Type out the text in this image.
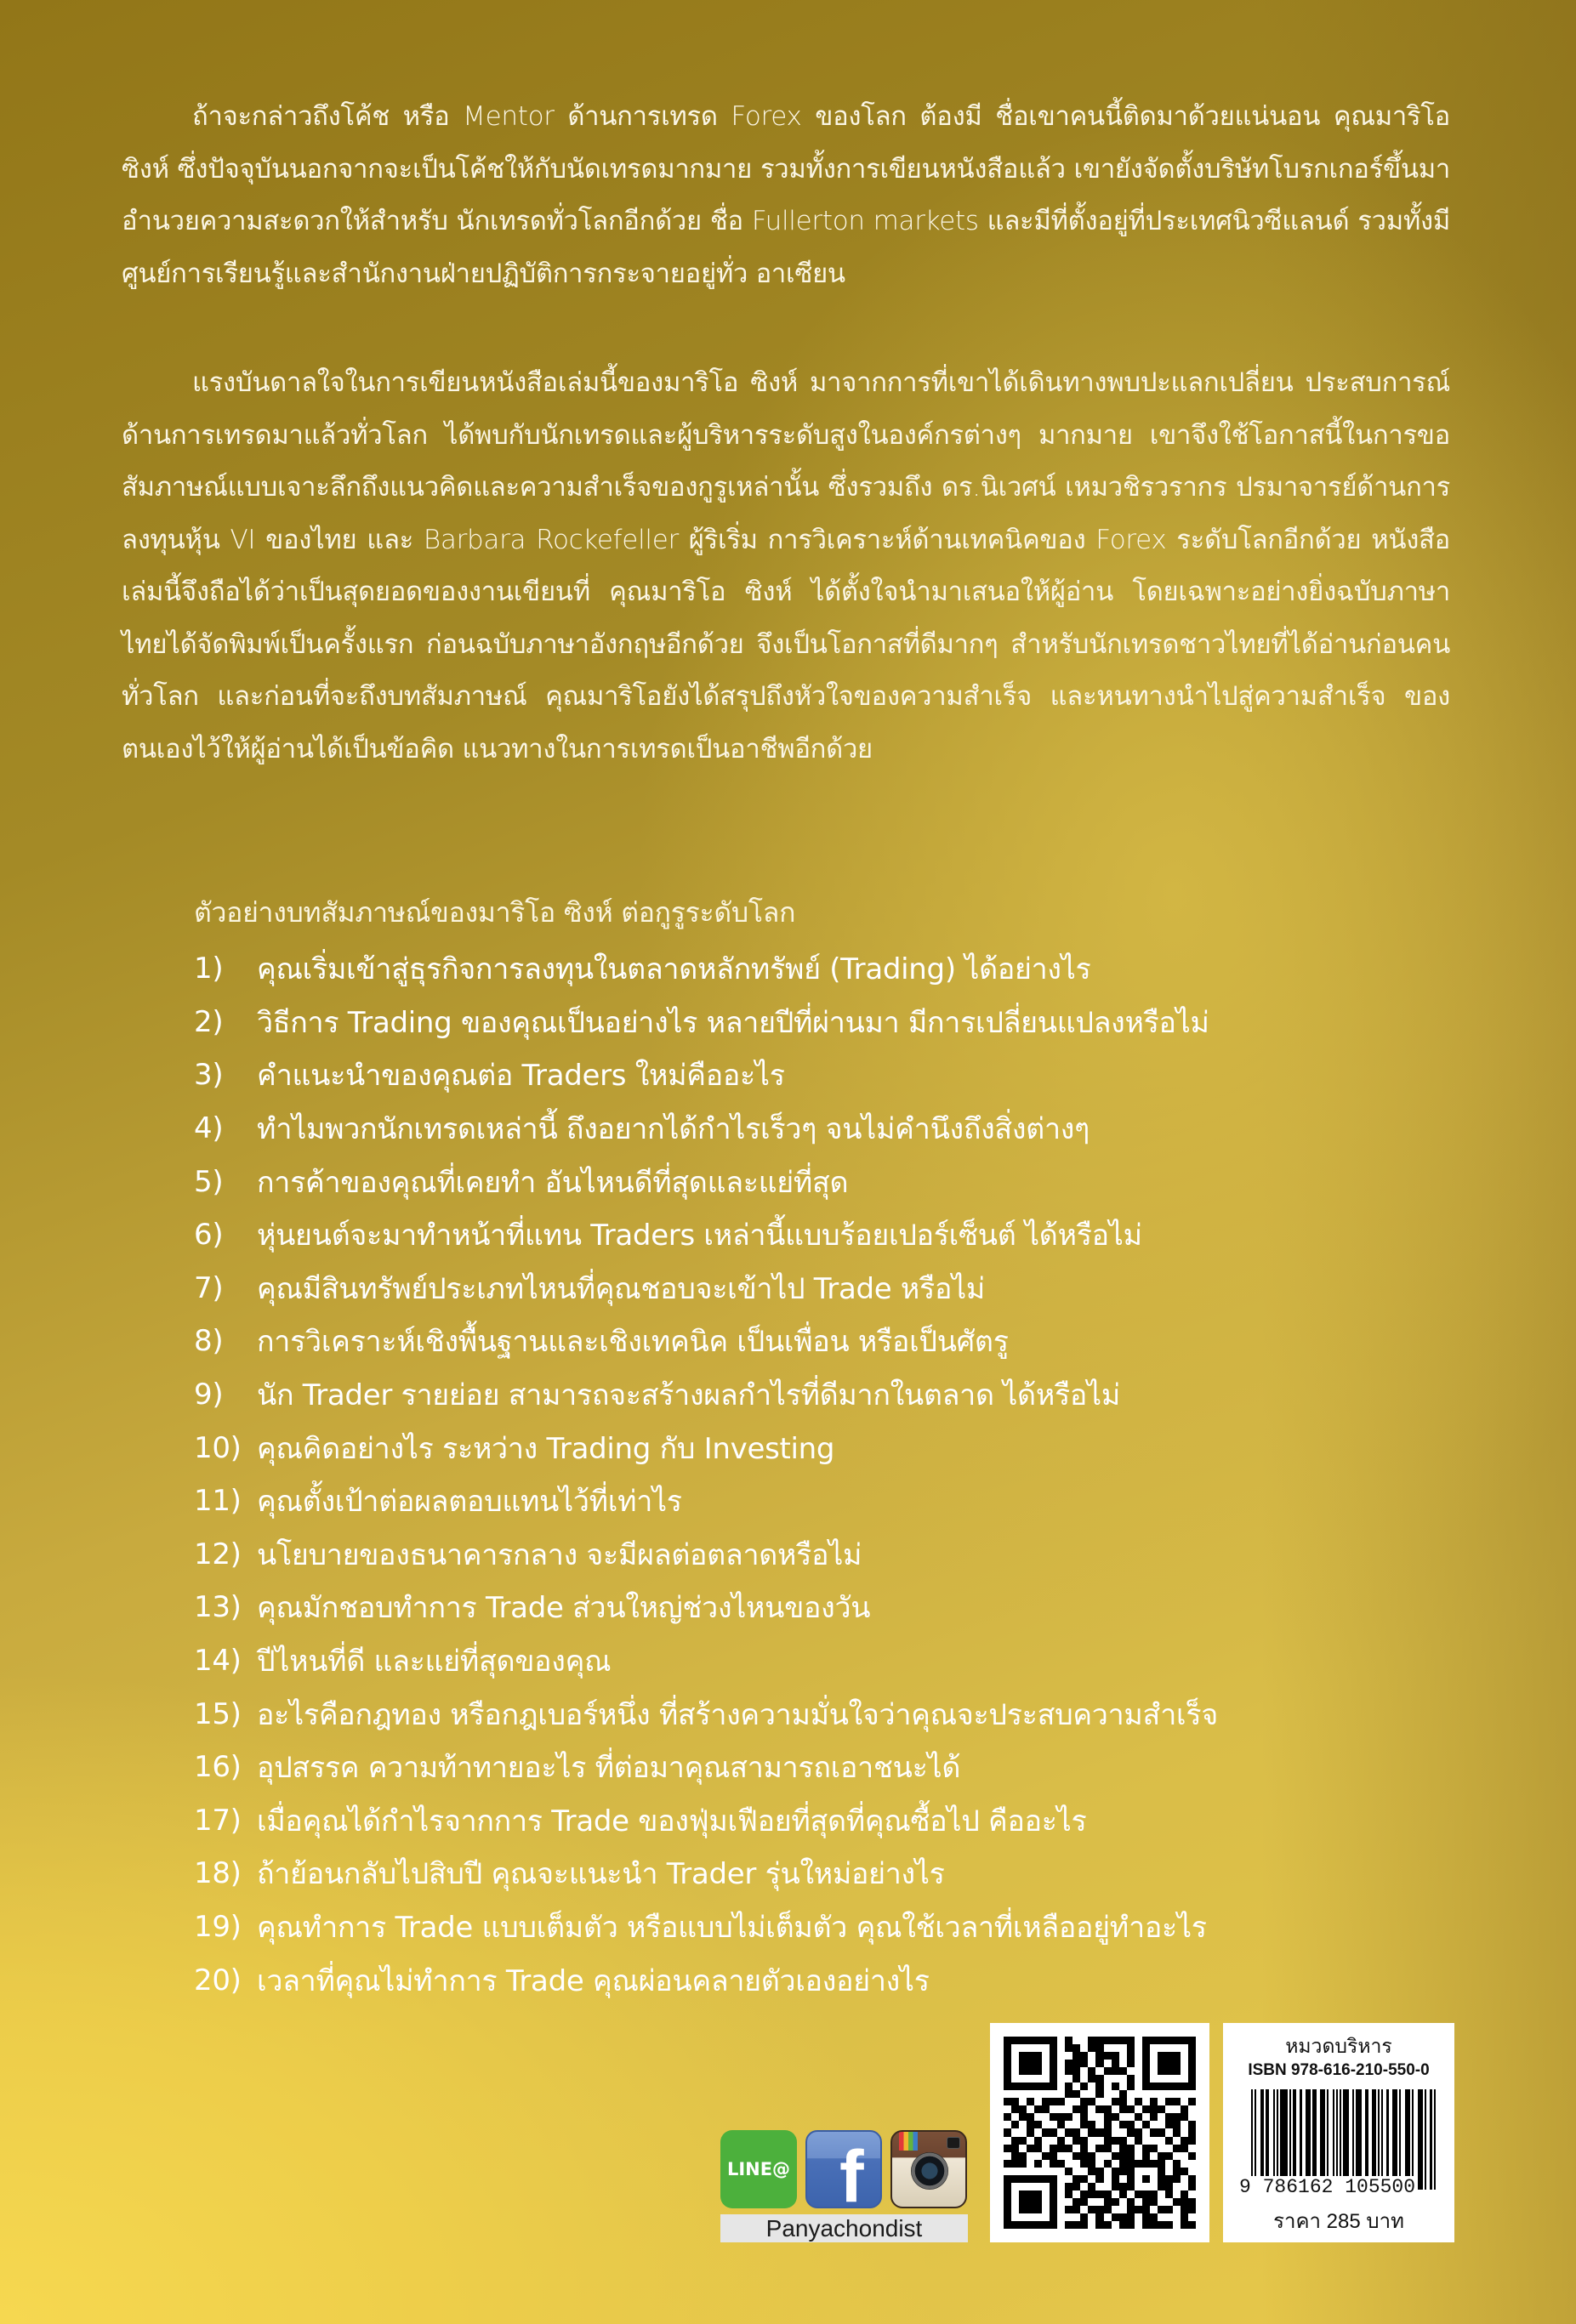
ถ้าจะกล่าวถึงโค้ช หรือ Mentor ด้านการเทรด Forex ของโลก ต้องมี ชื่อเขาคนนี้ติดมาด้วยแน่นอน คุณมาริโอ ซิงห์ ซึ่งปัจจุบันนอกจากจะเป็นโค้ชให้กับนัดเทรดมากมาย รวมทั้งการเขียนหนังสือแล้ว เขายังจัดตั้งบริษัทโบรกเกอร์ขึ้นมาอำนวยความสะดวกให้สำหรับ นักเทรดทั่วโลกอีกด้วย ชื่อ Fullerton markets และมีที่ตั้งอยู่ที่ประเทศนิวซีแลนด์ รวมทั้งมีศูนย์การเรียนรู้และสำนักงานฝ่ายปฏิบัติการกระจายอยู่ทั่ว อาเซียน

แรงบันดาลใจในการเขียนหนังสือเล่มนี้ของมาริโอ ซิงห์ มาจากการที่เขาได้เดินทางพบปะแลกเปลี่ยน ประสบการณ์ด้านการเทรดมาแล้วทั่วโลก ได้พบกับนักเทรดและผู้บริหารระดับสูงในองค์กรต่างๆ มากมาย เขาจึงใช้โอกาสนี้ในการขอสัมภาษณ์แบบเจาะลึกถึงแนวคิดและความสำเร็จของกูรูเหล่านั้น ซึ่งรวมถึง ดร.นิเวศน์ เหมวชิรวรากร ปรมาจารย์ด้านการลงทุนหุ้น VI ของไทย และ Barbara Rockefeller ผู้ริเริ่ม การวิเคราะห์ด้านเทคนิคของ Forex ระดับโลกอีกด้วย หนังสือเล่มนี้จึงถือได้ว่าเป็นสุดยอดของงานเขียนที่ คุณมาริโอ ซิงห์ ได้ตั้งใจนำมาเสนอให้ผู้อ่าน โดยเฉพาะอย่างยิ่งฉบับภาษาไทยได้จัดพิมพ์เป็นครั้งแรก ก่อนฉบับภาษาอังกฤษอีกด้วย จึงเป็นโอกาสที่ดีมากๆ สำหรับนักเทรดชาวไทยที่ได้อ่านก่อนคนทั่วโลก และก่อนที่จะถึงบทสัมภาษณ์ คุณมาริโอยังได้สรุปถึงหัวใจของความสำเร็จ และหนทางนำไปสู่ความสำเร็จ ของตนเองไว้ให้ผู้อ่านได้เป็นข้อคิด แนวทางในการเทรดเป็นอาชีพอีกด้วย

ตัวอย่างบทสัมภาษณ์ของมาริโอ ซิงห์ ต่อกูรูระดับโลก

1)	คุณเริ่มเข้าสู่ธุรกิจการลงทุนในตลาดหลักทรัพย์ (Trading) ได้อย่างไร
2)	วิธีการ Trading ของคุณเป็นอย่างไร หลายปีที่ผ่านมา มีการเปลี่ยนแปลงหรือไม่
3)	คำแนะนำของคุณต่อ Traders ใหม่คืออะไร
4)	ทำไมพวกนักเทรดเหล่านี้ ถึงอยากได้กำไรเร็วๆ จนไม่คำนึงถึงสิ่งต่างๆ
5)	การค้าของคุณที่เคยทำ อันไหนดีที่สุดและแย่ที่สุด
6)	หุ่นยนต์จะมาทำหน้าที่แทน Traders เหล่านี้แบบร้อยเปอร์เซ็นต์ ได้หรือไม่
7)	คุณมีสินทรัพย์ประเภทไหนที่คุณชอบจะเข้าไป Trade หรือไม่
8)	การวิเคราะห์เชิงพื้นฐานและเชิงเทคนิค เป็นเพื่อน หรือเป็นศัตรู
9)	นัก Trader รายย่อย สามารถจะสร้างผลกำไรที่ดีมากในตลาด ได้หรือไม่
10) คุณคิดอย่างไร ระหว่าง Trading กับ Investing
11) คุณตั้งเป้าต่อผลตอบแทนไว้ที่เท่าไร
12) นโยบายของธนาคารกลาง จะมีผลต่อตลาดหรือไม่
13) คุณมักชอบทำการ Trade ส่วนใหญ่ช่วงไหนของวัน
14) ปีไหนที่ดี และแย่ที่สุดของคุณ
15) อะไรคือกฎทอง หรือกฎเบอร์หนึ่ง ที่สร้างความมั่นใจว่าคุณจะประสบความสำเร็จ
16) อุปสรรค ความท้าทายอะไร ที่ต่อมาคุณสามารถเอาชนะได้
17) เมื่อคุณได้กำไรจากการ Trade ของฟุ่มเฟือยที่สุดที่คุณซื้อไป คืออะไร
18) ถ้าย้อนกลับไปสิบปี คุณจะแนะนำ Trader รุ่นใหม่อย่างไร
19) คุณทำการ Trade แบบเต็มตัว หรือแบบไม่เต็มตัว คุณใช้เวลาที่เหลืออยู่ทำอะไร
20) เวลาที่คุณไม่ทำการ Trade คุณผ่อนคลายตัวเองอย่างไร
LINE@ f
Panyachondist
หมวดบริหาร
ISBN 978-616-210-550-0
9 786162 105500
ราคา 285 บาท
